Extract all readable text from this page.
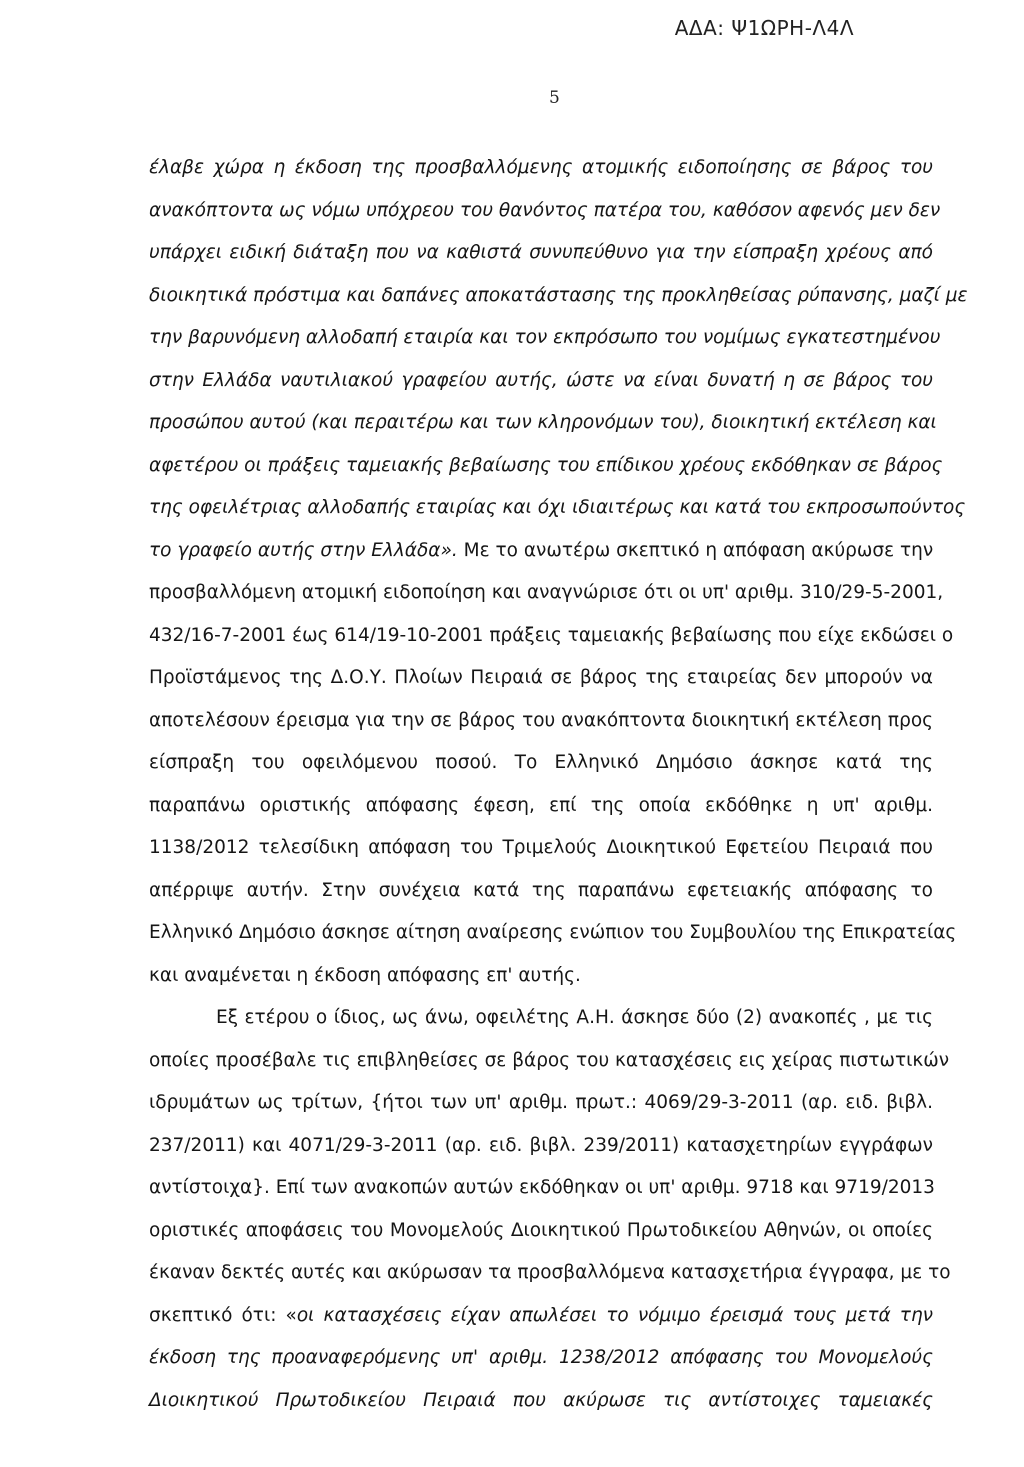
ΑΔΑ: Ψ1ΩΡΗ-Λ4Λ
5
έλαβε χώρα η έκδοση της προσβαλλόμενης ατομικής ειδοποίησης σε βάρος του
ανακόπτοντα ως νόμω υπόχρεου του θανόντος πατέρα του, καθόσον αφενός μεν δεν
υπάρχει ειδική διάταξη που να καθιστά συνυπεύθυνο για την είσπραξη χρέους από
διοικητικά πρόστιμα και δαπάνες αποκατάστασης της προκληθείσας ρύπανσης, μαζί με
την βαρυνόμενη αλλοδαπή εταιρία και τον εκπρόσωπο του νομίμως εγκατεστημένου
στην Ελλάδα ναυτιλιακού γραφείου αυτής, ώστε να είναι δυνατή η σε βάρος του
προσώπου αυτού (και περαιτέρω και των κληρονόμων του), διοικητική εκτέλεση και
αφετέρου οι πράξεις ταμειακής βεβαίωσης του επίδικου χρέους εκδόθηκαν σε βάρος
της οφειλέτριας αλλοδαπής εταιρίας και όχι ιδιαιτέρως και κατά του εκπροσωπούντος
το γραφείο αυτής στην Ελλάδα». Με το ανωτέρω σκεπτικό η απόφαση ακύρωσε την
προσβαλλόμενη ατομική ειδοποίηση και αναγνώρισε ότι οι υπ' αριθμ. 310/29-5-2001,
432/16-7-2001 έως 614/19-10-2001 πράξεις ταμειακής βεβαίωσης που είχε εκδώσει ο
Προϊστάμενος της Δ.Ο.Υ. Πλοίων Πειραιά σε βάρος της εταιρείας δεν μπορούν να
αποτελέσουν έρεισμα για την σε βάρος του ανακόπτοντα διοικητική εκτέλεση προς
είσπραξη του οφειλόμενου ποσού. Το Ελληνικό Δημόσιο άσκησε κατά της
παραπάνω οριστικής απόφασης έφεση, επί της οποία εκδόθηκε η υπ' αριθμ.
1138/2012 τελεσίδικη απόφαση του Τριμελούς Διοικητικού Εφετείου Πειραιά που
απέρριψε αυτήν. Στην συνέχεια κατά της παραπάνω εφετειακής απόφασης το
Ελληνικό Δημόσιο άσκησε αίτηση αναίρεσης ενώπιον του Συμβουλίου της Επικρατείας
και αναμένεται η έκδοση απόφασης επ' αυτής.
Εξ ετέρου ο ίδιος, ως άνω, οφειλέτης Α.Η. άσκησε δύο (2) ανακοπές , με τις
οποίες προσέβαλε τις επιβληθείσες σε βάρος του κατασχέσεις εις χείρας πιστωτικών
ιδρυμάτων ως τρίτων, {ήτοι των υπ' αριθμ. πρωτ.: 4069/29-3-2011 (αρ. ειδ. βιβλ.
237/2011) και 4071/29-3-2011 (αρ. ειδ. βιβλ. 239/2011) κατασχετηρίων εγγράφων
αντίστοιχα}. Επί των ανακοπών αυτών εκδόθηκαν οι υπ' αριθμ. 9718 και 9719/2013
οριστικές αποφάσεις του Μονομελούς Διοικητικού Πρωτοδικείου Αθηνών, οι οποίες
έκαναν δεκτές αυτές και ακύρωσαν τα προσβαλλόμενα κατασχετήρια έγγραφα, με το
σκεπτικό ότι: «οι κατασχέσεις είχαν απωλέσει το νόμιμο έρεισμά τους μετά την
έκδοση της προαναφερόμενης υπ' αριθμ. 1238/2012 απόφασης του Μονομελούς
Διοικητικού Πρωτοδικείου Πειραιά που ακύρωσε τις αντίστοιχες ταμειακές
